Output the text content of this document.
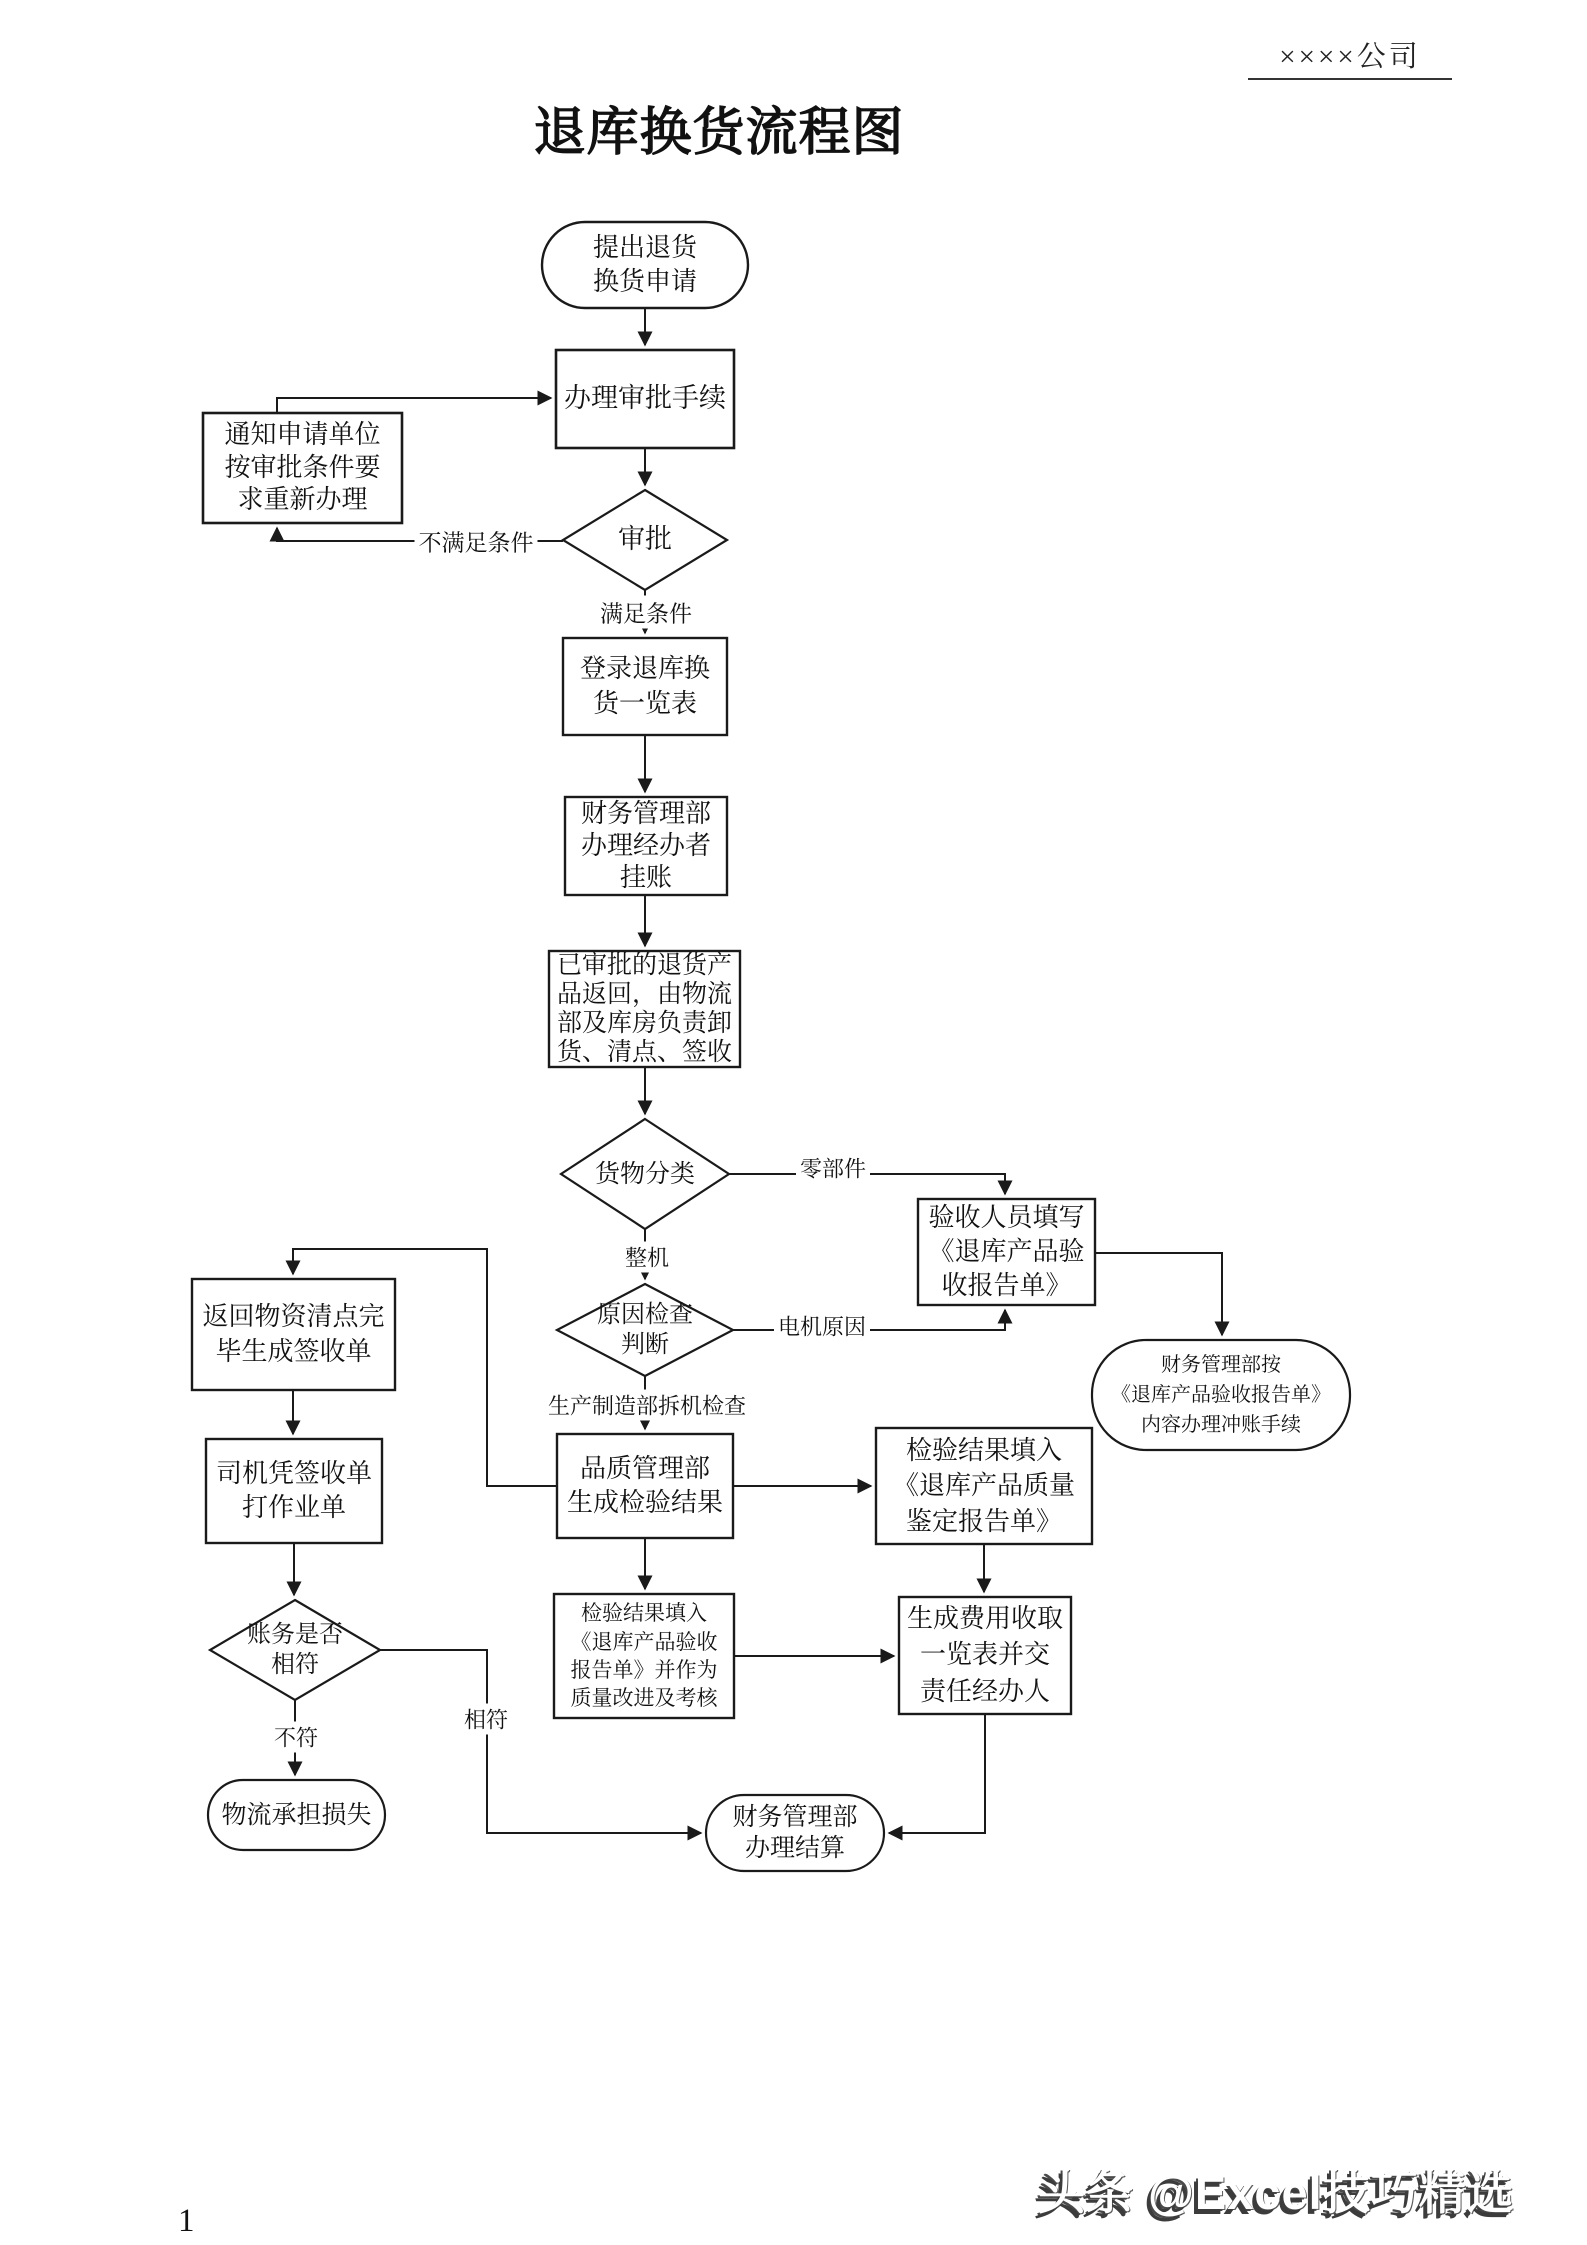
××××公司
退库换货流程图
提出退货
换货申请
办理审批手续
通知申请单位
按审批条件要
求重新办理
审批
登录退库换
货一览表
财务管理部
办理经办者
挂账
已审批的退货产
品返回，由物流
部及库房负责卸
货、清点、签收
货物分类
验收人员填写
《退库产品验
收报告单》
财务管理部按
《退库产品验收报告单》
内容办理冲账手续
原因检查
判断
品质管理部
生成检验结果
检验结果填入
《退库产品质量
鉴定报告单》
返回物资清点完
毕生成签收单
司机凭签收单
打作业单
检验结果填入
《退库产品验收
报告单》并作为
质量改进及考核
生成费用收取
一览表并交
责任经办人
账务是否
相符
物流承担损失	财务管理部
办理结算
不满足条件
满足条件
零部件
整机
电机原因
生产制造部拆机检查
不符
相符
1
头条 @Excel技巧精选
